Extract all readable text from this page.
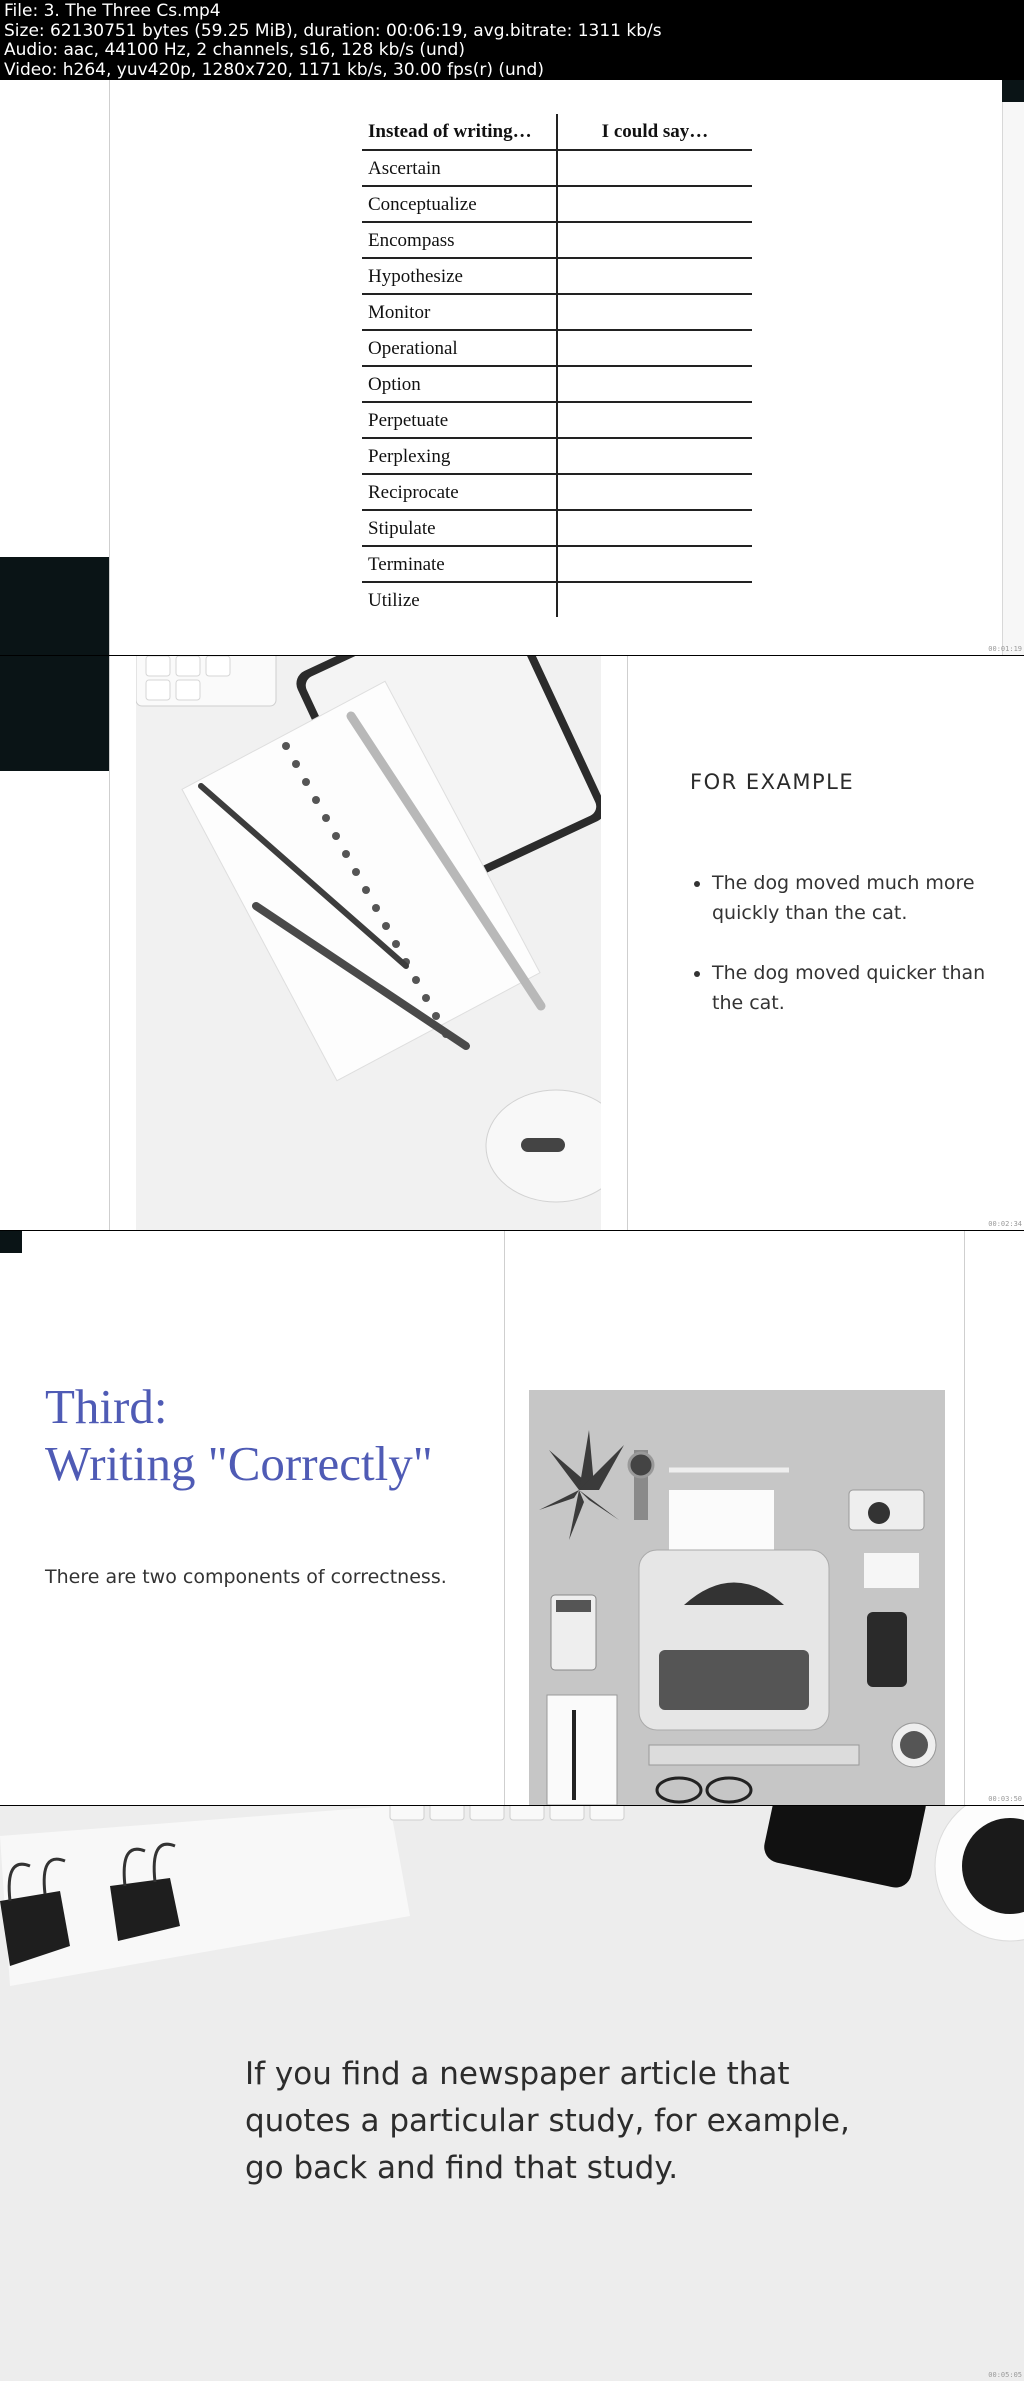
File: 3. The Three Cs.mp4
Size: 62130751 bytes (59.25 MiB), duration: 00:06:19, avg.bitrate: 1311 kb/s
Audio: aac, 44100 Hz, 2 channels, s16, 128 kb/s (und)
Video: h264, yuv420p, 1280x720, 1171 kb/s, 30.00 fps(r) (und)
Instead of writing…	I could say…
Ascertain	
Conceptualize	
Encompass	
Hypothesize	
Monitor	
Operational	
Option	
Perpetuate	
Perplexing	
Reciprocate	
Stipulate	
Terminate	
Utilize	
00:01:19
FOR EXAMPLE
• The dog moved much more quickly than the cat.
• The dog moved quicker than the cat.
00:02:34
Third:
Writing "Correctly"
There are two components of correctness.
00:03:50
If you find a newspaper article that quotes a particular study, for example, go back and find that study.
00:05:05
